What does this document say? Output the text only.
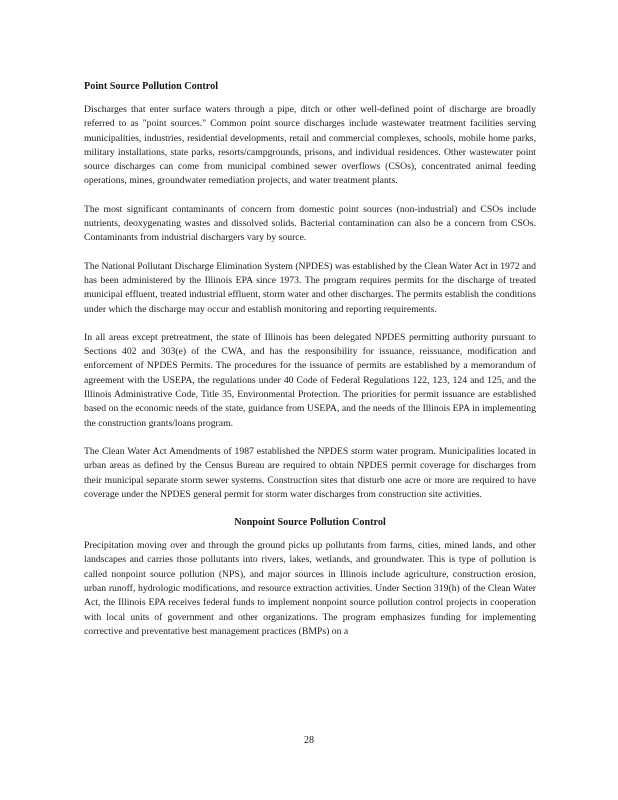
Point Source Pollution Control

Discharges that enter surface waters through a pipe, ditch or other well-defined point of discharge are broadly referred to as "point sources." Common point source discharges include wastewater treatment facilities serving municipalities, industries, residential developments, retail and commercial complexes, schools, mobile home parks, military installations, state parks, resorts/campgrounds, prisons, and individual residences. Other wastewater point source discharges can come from municipal combined sewer overflows (CSOs), concentrated animal feeding operations, mines, groundwater remediation projects, and water treatment plants.

The most significant contaminants of concern from domestic point sources (non-industrial) and CSOs include nutrients, deoxygenating wastes and dissolved solids. Bacterial contamination can also be a concern from CSOs. Contaminants from industrial dischargers vary by source.

The National Pollutant Discharge Elimination System (NPDES) was established by the Clean Water Act in 1972 and has been administered by the Illinois EPA since 1973. The program requires permits for the discharge of treated municipal effluent, treated industrial effluent, storm water and other discharges. The permits establish the conditions under which the discharge may occur and establish monitoring and reporting requirements.

In all areas except pretreatment, the state of Illinois has been delegated NPDES permitting authority pursuant to Sections 402 and 303(e) of the CWA, and has the responsibility for issuance, reissuance, modification and enforcement of NPDES Permits. The procedures for the issuance of permits are established by a memorandum of agreement with the USEPA, the regulations under 40 Code of Federal Regulations 122, 123, 124 and 125, and the Illinois Administrative Code, Title 35, Environmental Protection. The priorities for permit issuance are established based on the economic needs of the state, guidance from USEPA, and the needs of the Illinois EPA in implementing the construction grants/loans program.

The Clean Water Act Amendments of 1987 established the NPDES storm water program. Municipalities located in urban areas as defined by the Census Bureau are required to obtain NPDES permit coverage for discharges from their municipal separate storm sewer systems. Construction sites that disturb one acre or more are required to have coverage under the NPDES general permit for storm water discharges from construction site activities.

Nonpoint Source Pollution Control

Precipitation moving over and through the ground picks up pollutants from farms, cities, mined lands, and other landscapes and carries those pollutants into rivers, lakes, wetlands, and groundwater. This is type of pollution is called nonpoint source pollution (NPS), and major sources in Illinois include agriculture, construction erosion, urban runoff, hydrologic modifications, and resource extraction activities. Under Section 319(h) of the Clean Water Act, the Illinois EPA receives federal funds to implement nonpoint source pollution control projects in cooperation with local units of government and other organizations. The program emphasizes funding for implementing corrective and preventative best management practices (BMPs) on a

28
